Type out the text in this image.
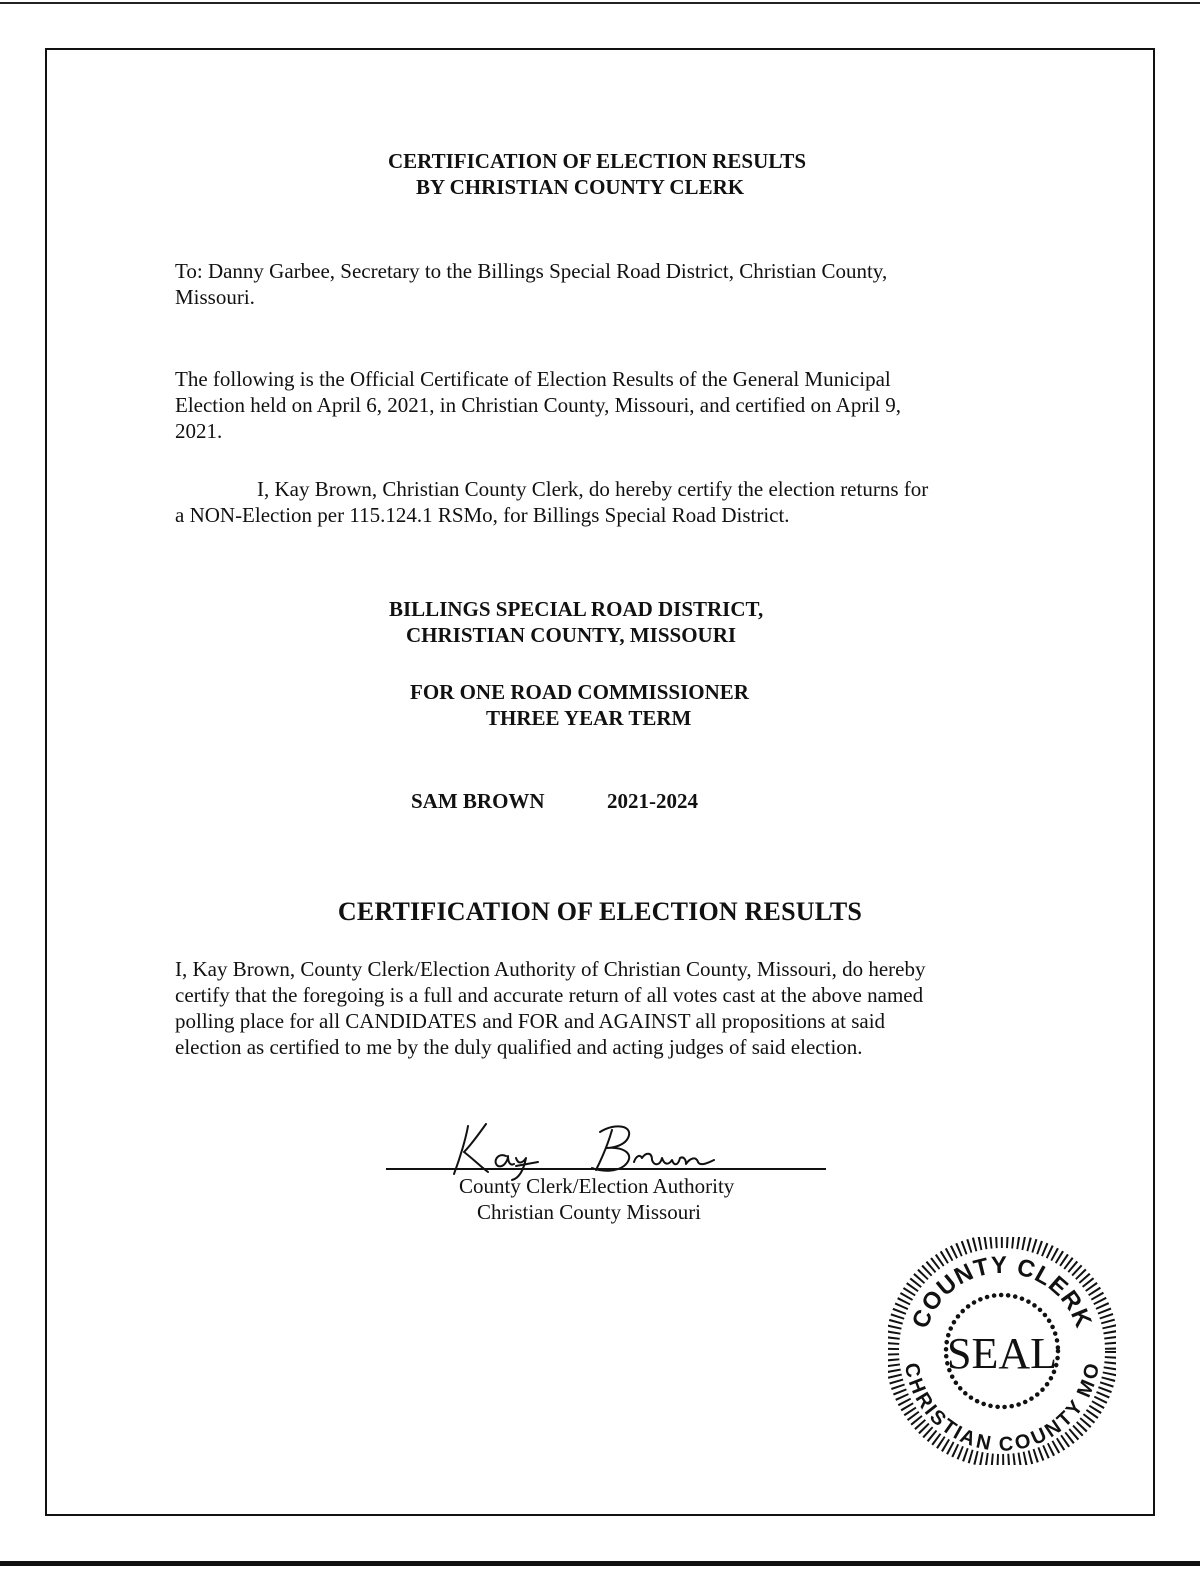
CERTIFICATION OF ELECTION RESULTS
BY CHRISTIAN COUNTY CLERK
To: Danny Garbee, Secretary to the Billings Special Road District, Christian County,
Missouri.
The following is the Official Certificate of Election Results of the General Municipal
Election held on April 6, 2021, in Christian County, Missouri, and certified on April 9,
2021.
I, Kay Brown, Christian County Clerk, do hereby certify the election returns for
a NON-Election per 115.124.1 RSMo, for Billings Special Road District.
BILLINGS SPECIAL ROAD DISTRICT,
CHRISTIAN COUNTY, MISSOURI
FOR ONE ROAD COMMISSIONER
THREE YEAR TERM
SAM BROWN	2021-2024
CERTIFICATION OF ELECTION RESULTS
I, Kay Brown, County Clerk/Election Authority of Christian County, Missouri, do hereby
certify that the foregoing is a full and accurate return of all votes cast at the above named
polling place for all CANDIDATES and FOR and AGAINST all propositions at said
election as certified to me by the duly qualified and acting judges of said election.
County Clerk/Election Authority
Christian County Missouri
COUNTY CLERK
CHRISTIAN COUNTY MO
SEAL
